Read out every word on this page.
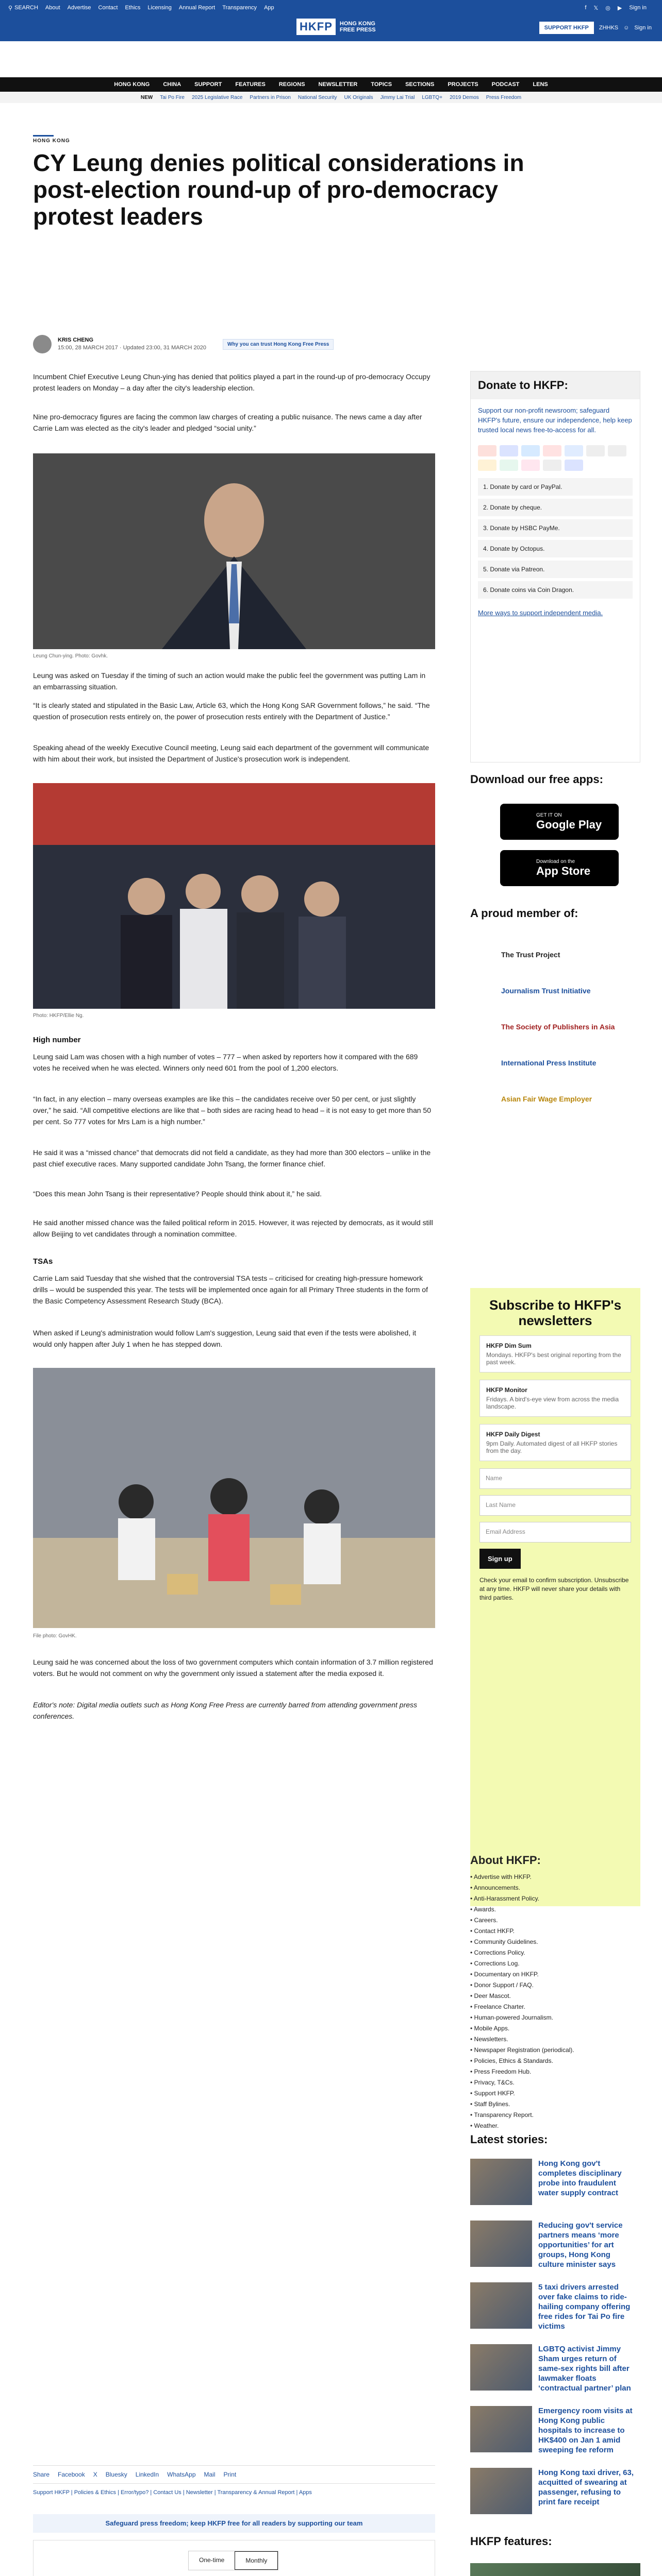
⚲ SEARCH About Advertise Contact Ethics Licensing Annual Report Transparency App	f 𝕏 ◎ ▶ Sign in
HKFP	HONG KONG
FREE PRESS	SUPPORT HKFP	ZHHKS ☺ Sign in
HONG KONG CHINA SUPPORT FEATURES REGIONS NEWSLETTER TOPICS SECTIONS PROJECTS PODCAST LENS
NEW Tai Po Fire 2025 Legislative Race Partners in Prison National Security UK Originals Jimmy Lai Trial LGBTQ+ 2019 Demos Press Freedom
HONG KONG
CY Leung denies political considerations in post-election round-up of pro-democracy protest leaders
KRIS CHENG
15:00, 28 MARCH 2017 · Updated 23:00, 31 MARCH 2020
Why you can trust Hong Kong Free Press

Incumbent Chief Executive Leung Chun-ying has denied that politics played a part in the round-up of pro-democracy Occupy protest leaders on Monday – a day after the city's leadership election.

Nine pro-democracy figures are facing the common law charges of creating a public nuisance. The news came a day after Carrie Lam was elected as the city's leader and pledged “social unity.”

Leung Chun-ying. Photo: Govhk.

Leung was asked on Tuesday if the timing of such an action would make the public feel the government was putting Lam in an embarrassing situation.

“It is clearly stated and stipulated in the Basic Law, Article 63, which the Hong Kong SAR Government follows,” he said. “The question of prosecution rests entirely on, the power of prosecution rests entirely with the Department of Justice.”

Speaking ahead of the weekly Executive Council meeting, Leung said each department of the government will communicate with him about their work, but insisted the Department of Justice's prosecution work is independent.

Photo: HKFP/Ellie Ng.
High number

Leung said Lam was chosen with a high number of votes – 777 – when asked by reporters how it compared with the 689 votes he received when he was elected. Winners only need 601 from the pool of 1,200 electors.

“In fact, in any election – many overseas examples are like this – the candidates receive over 50 per cent, or just slightly over,” he said. “All competitive elections are like that – both sides are racing head to head – it is not easy to get more than 50 per cent. So 777 votes for Mrs Lam is a high number.”

He said it was a “missed chance” that democrats did not field a candidate, as they had more than 300 electors – unlike in the past chief executive races. Many supported candidate John Tsang, the former finance chief.

“Does this mean John Tsang is their representative? People should think about it,” he said.

He said another missed chance was the failed political reform in 2015. However, it was rejected by democrats, as it would still allow Beijing to vet candidates through a nomination committee.

TSAs

Carrie Lam said Tuesday that she wished that the controversial TSA tests – criticised for creating high-pressure homework drills – would be suspended this year. The tests will be implemented once again for all Primary Three students in the form of the Basic Competency Assessment Research Study (BCA).

When asked if Leung's administration would follow Lam's suggestion, Leung said that even if the tests were abolished, it would only happen after July 1 when he has stepped down.

File photo: GovHK.

Leung said he was concerned about the loss of two government computers which contain information of 3.7 million registered voters. But he would not comment on why the government only issued a statement after the media exposed it.

Editor's note: Digital media outlets such as Hong Kong Free Press are currently barred from attending government press conferences.

Share Facebook X Bluesky LinkedIn WhatsApp Mail Print
Support HKFP | Policies & Ethics | Error/typo? | Contact Us | Newsletter | Transparency & Annual Report | Apps
Safeguard press freedom; keep HKFP free for all readers by supporting our team
One-time	Monthly
Donate to HKFP:

Support our non-profit newsroom; safeguard HKFP's future, ensure our independence, help keep trusted local news free-to-access for all.

1. Donate by card or PayPal.
2. Donate by cheque.
3. Donate by HSBC PayMe.
4. Donate by Octopus.
5. Donate via Patreon.
6. Donate coins via Coin Dragon.

More ways to support independent media.

Download our free apps:
GET IT ON
Google Play
Download on the
App Store
A proud member of:
The Trust Project
Journalism Trust Initiative
The Society of Publishers in Asia
International Press Institute
Asian Fair Wage Employer
Subscribe to HKFP's newsletters
HKFP Dim Sum
Mondays. HKFP's best original reporting from the past week.
HKFP Monitor
Fridays. A bird's-eye view from across the media landscape.
HKFP Daily Digest
9pm Daily. Automated digest of all HKFP stories from the day.
Name
Last Name
Email Address
Sign up
Check your email to confirm subscription. Unsubscribe at any time. HKFP will never share your details with third parties.
About HKFP:
• Advertise with HKFP.
• Announcements.
• Anti-Harassment Policy.
• Awards.
• Careers.
• Contact HKFP.
• Community Guidelines.
• Corrections Policy.
• Corrections Log.
• Documentary on HKFP.
• Donor Support / FAQ.
• Deer Mascot.
• Freelance Charter.
• Human-powered Journalism.
• Mobile Apps.
• Newsletters.
• Newspaper Registration (periodical).
• Policies, Ethics & Standards.
• Press Freedom Hub.
• Privacy, T&Cs.
• Support HKFP.
• Staff Bylines.
• Transparency Report.
• Weather.
Latest stories:
Hong Kong gov't completes disciplinary probe into fraudulent water supply contract
Reducing gov't service partners means ‘more opportunities’ for art groups, Hong Kong culture minister says
5 taxi drivers arrested over fake claims to ride-hailing company offering free rides for Tai Po fire victims
LGBTQ activist Jimmy Sham urges return of same-sex rights bill after lawmaker floats ‘contractual partner’ plan
Emergency room visits at Hong Kong public hospitals to increase to HK$400 on Jan 1 amid sweeping fee reform
Hong Kong taxi driver, 63, acquitted of swearing at passenger, refusing to print fare receipt
HKFP features:
